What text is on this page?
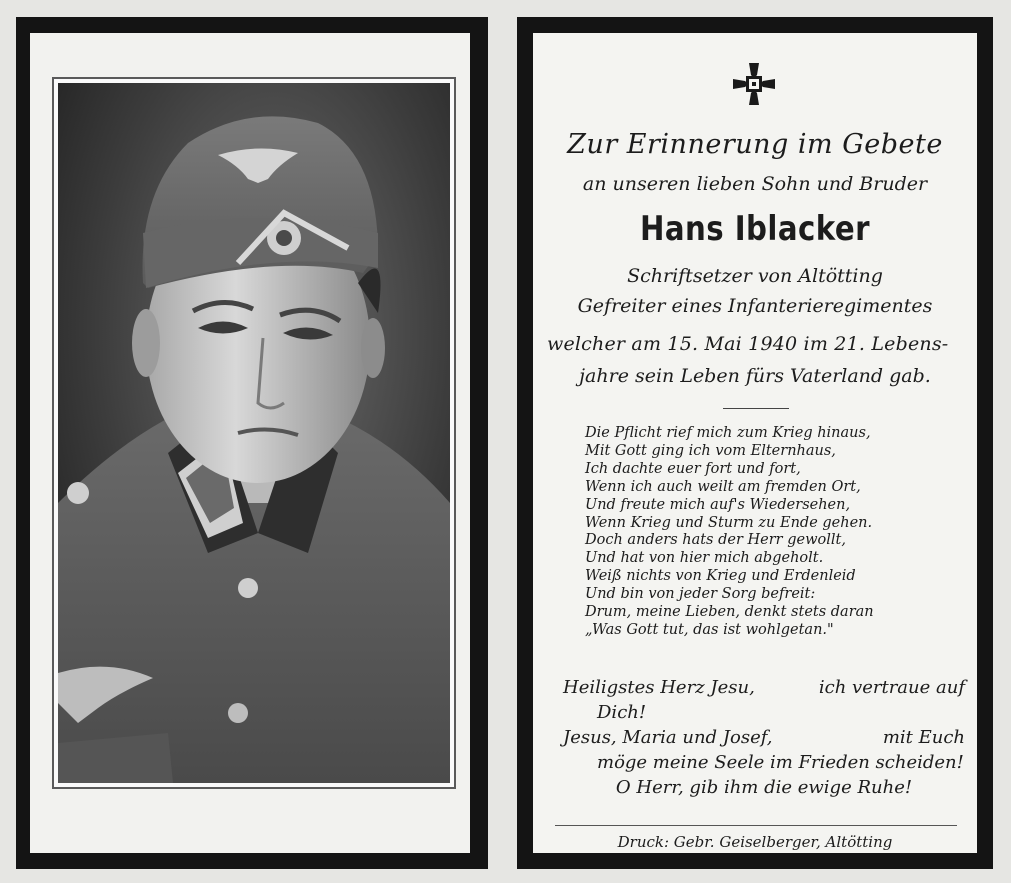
Zur Erinnerung im Gebete
an unseren lieben Sohn und Bruder
Hans Iblacker
Schriftsetzer von Altötting
Gefreiter eines Infanterieregimentes
welcher am 15. Mai 1940 im 21. Lebens-
jahre sein Leben fürs Vaterland gab.
Die Pflicht rief mich zum Krieg hinaus,
Mit Gott ging ich vom Elternhaus,
Ich dachte euer fort und fort,
Wenn ich auch weilt am fremden Ort,
Und freute mich auf's Wiedersehen,
Wenn Krieg und Sturm zu Ende gehen.
Doch anders hats der Herr gewollt,
Und hat von hier mich abgeholt.
Weiß nichts von Krieg und Erdenleid
Und bin von jeder Sorg befreit:
Drum, meine Lieben, denkt stets daran
„Was Gott tut, das ist wohlgetan."
Heiligstes Herz Jesu,	ich vertraue auf
Dich!
Jesus, Maria und Josef,	mit Euch
möge meine Seele im Frieden scheiden!
O Herr, gib ihm die ewige Ruhe!
Druck: Gebr. Geiselberger, Altötting
